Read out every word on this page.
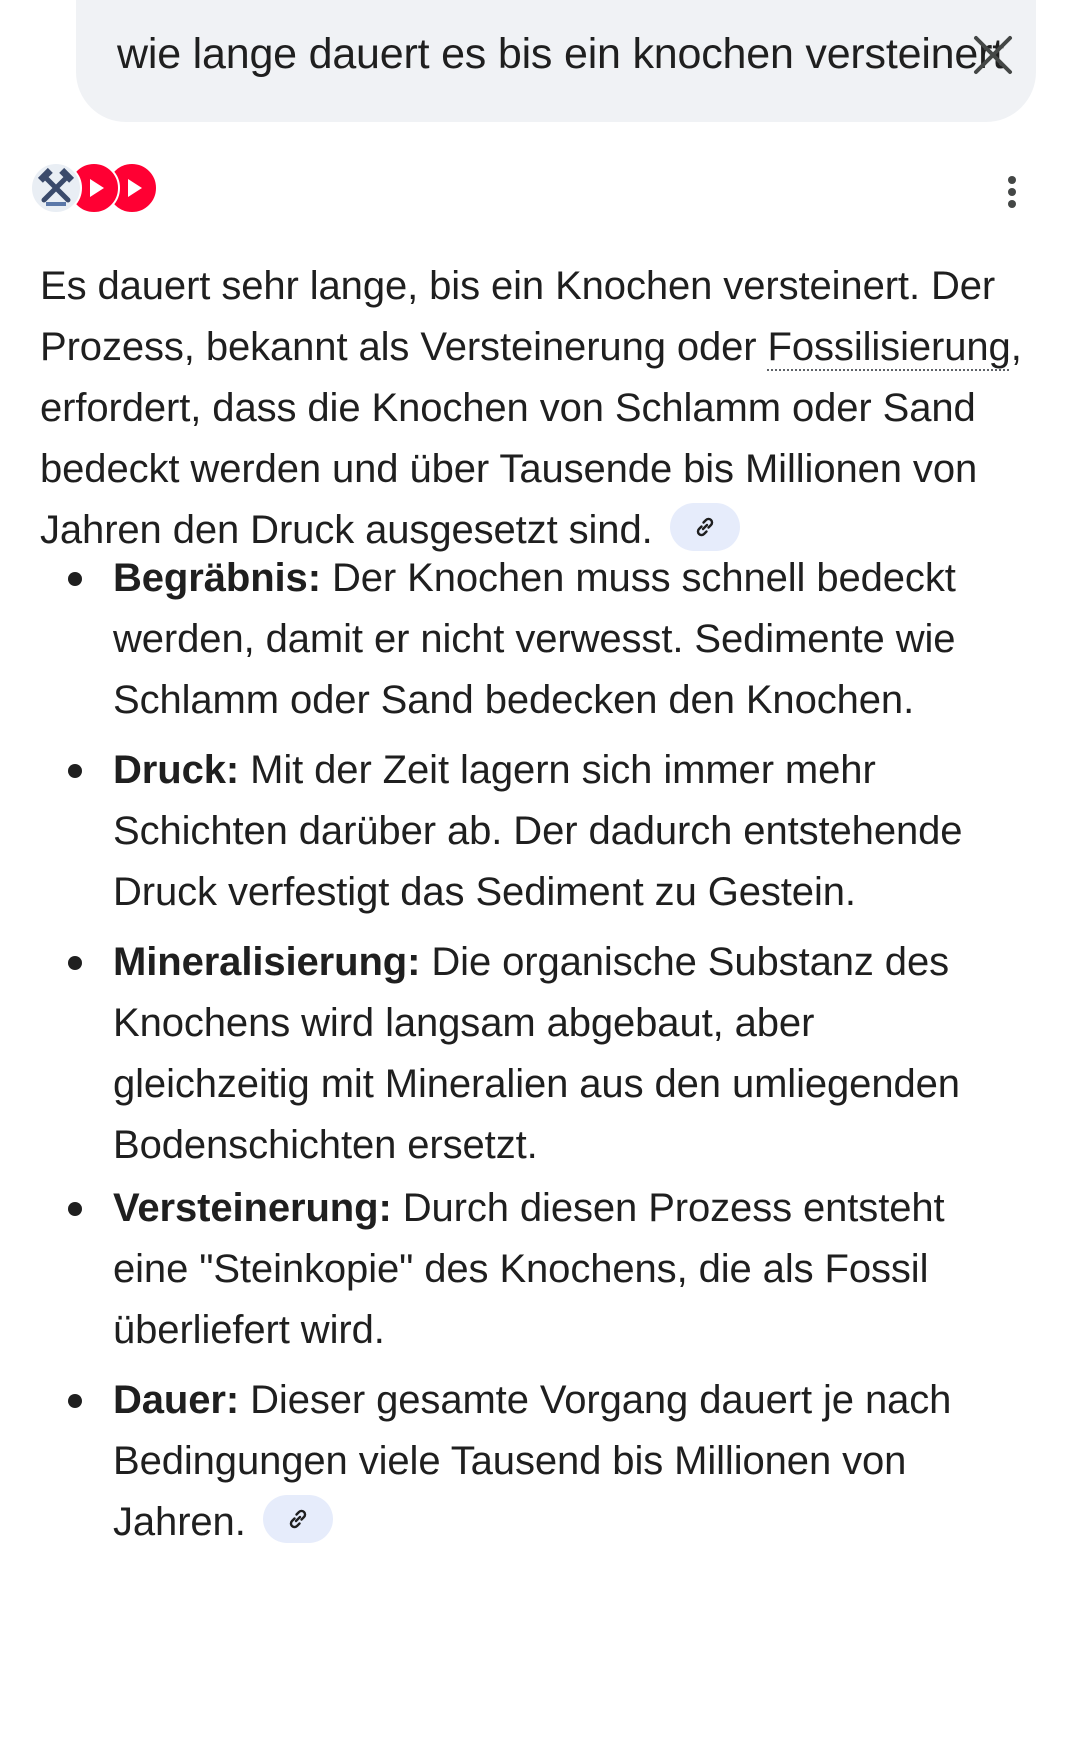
wie lange dauert es bis ein knochen versteinert
Es dauert sehr lange, bis ein Knochen versteinert. Der Prozess, bekannt als Versteinerung oder Fossilisierung, erfordert, dass die Knochen von Schlamm oder Sand bedeckt werden und über Tausende bis Millionen von Jahren den Druck ausgesetzt sind.
Begräbnis: Der Knochen muss schnell bedeckt werden, damit er nicht verwesst. Sedimente wie Schlamm oder Sand bedecken den Knochen.
Druck: Mit der Zeit lagern sich immer mehr Schichten darüber ab. Der dadurch entstehende Druck verfestigt das Sediment zu Gestein.
Mineralisierung: Die organische Substanz des Knochens wird langsam abgebaut, aber gleichzeitig mit Mineralien aus den umliegenden Bodenschichten ersetzt.
Versteinerung: Durch diesen Prozess entsteht eine "Steinkopie" des Knochens, die als Fossil überliefert wird.
Dauer: Dieser gesamte Vorgang dauert je nach Bedingungen viele Tausend bis Millionen von Jahren.
